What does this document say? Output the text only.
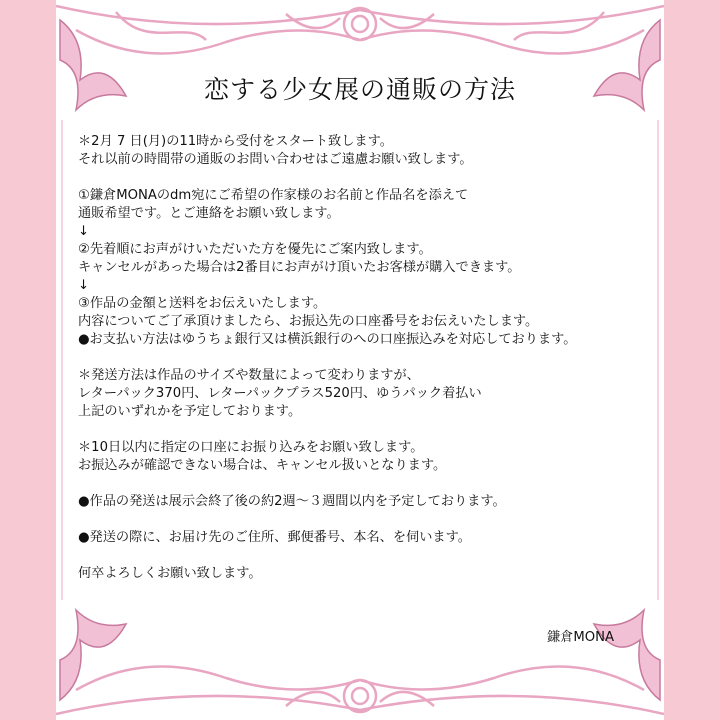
恋する少女展の通販の方法
＊2月 7 日(月)の11時から受付をスタート致します。
それ以前の時間帯の通販のお問い合わせはご遠慮お願い致します。
①鎌倉MONAのdm宛にご希望の作家様のお名前と作品名を添えて
通販希望です。とご連絡をお願い致します。
↓
②先着順にお声がけいただいた方を優先にご案内致します。
キャンセルがあった場合は2番目にお声がけ頂いたお客様が購入できます。
↓
③作品の金額と送料をお伝えいたします。
内容についてご了承頂けましたら、お振込先の口座番号をお伝えいたします。
●お支払い方法はゆうちょ銀行又は横浜銀行のへの口座振込みを対応しております。
＊発送方法は作品のサイズや数量によって変わりますが、
レターパック370円、レターパックプラス520円、ゆうパック着払い
上記のいずれかを予定しております。
＊10日以内に指定の口座にお振り込みをお願い致します。
お振込みが確認できない場合は、キャンセル扱いとなります。
●作品の発送は展示会終了後の約2週〜３週間以内を予定しております。
●発送の際に、お届け先のご住所、郵便番号、本名、を伺います。
何卒よろしくお願い致します。
鎌倉MONA
